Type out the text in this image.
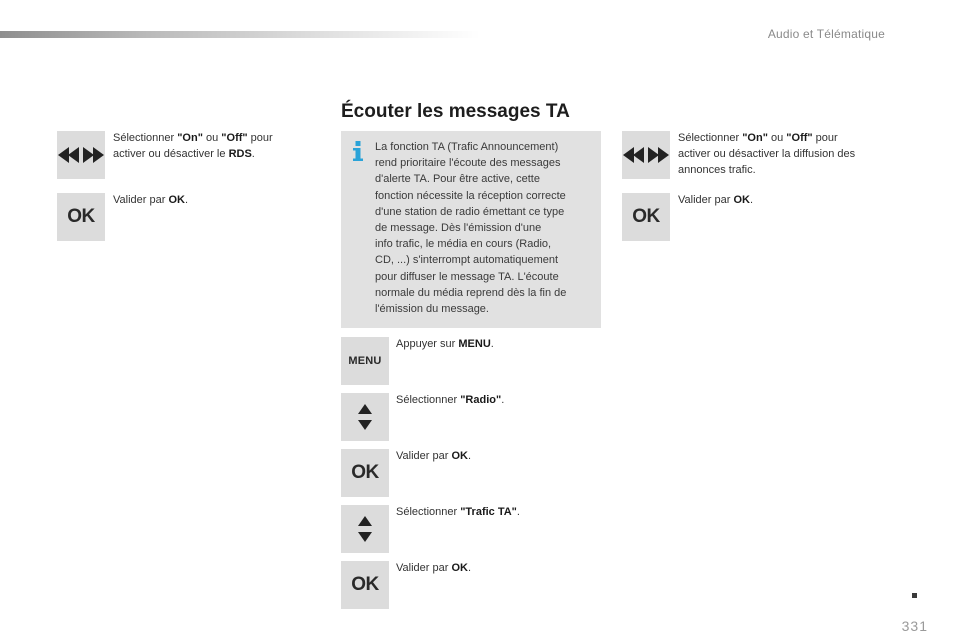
Audio et Télématique
Écouter les messages TA
Sélectionner "On" ou "Off" pour
activer ou désactiver le RDS.
OK
Valider par OK.
La fonction TA (Trafic Announcement)
rend prioritaire l'écoute des messages
d'alerte TA. Pour être active, cette
fonction nécessite la réception correcte
d'une station de radio émettant ce type
de message. Dès l'émission d'une
info trafic, le média en cours (Radio,
CD, ...) s'interrompt automatiquement
pour diffuser le message TA. L'écoute
normale du média reprend dès la fin de
l'émission du message.
MENU
Appuyer sur MENU.
Sélectionner "Radio".
OK
Valider par OK.
Sélectionner "Trafic TA".
OK
Valider par OK.
Sélectionner "On" ou "Off" pour
activer ou désactiver la diffusion des
annonces trafic.
OK
Valider par OK.
331
